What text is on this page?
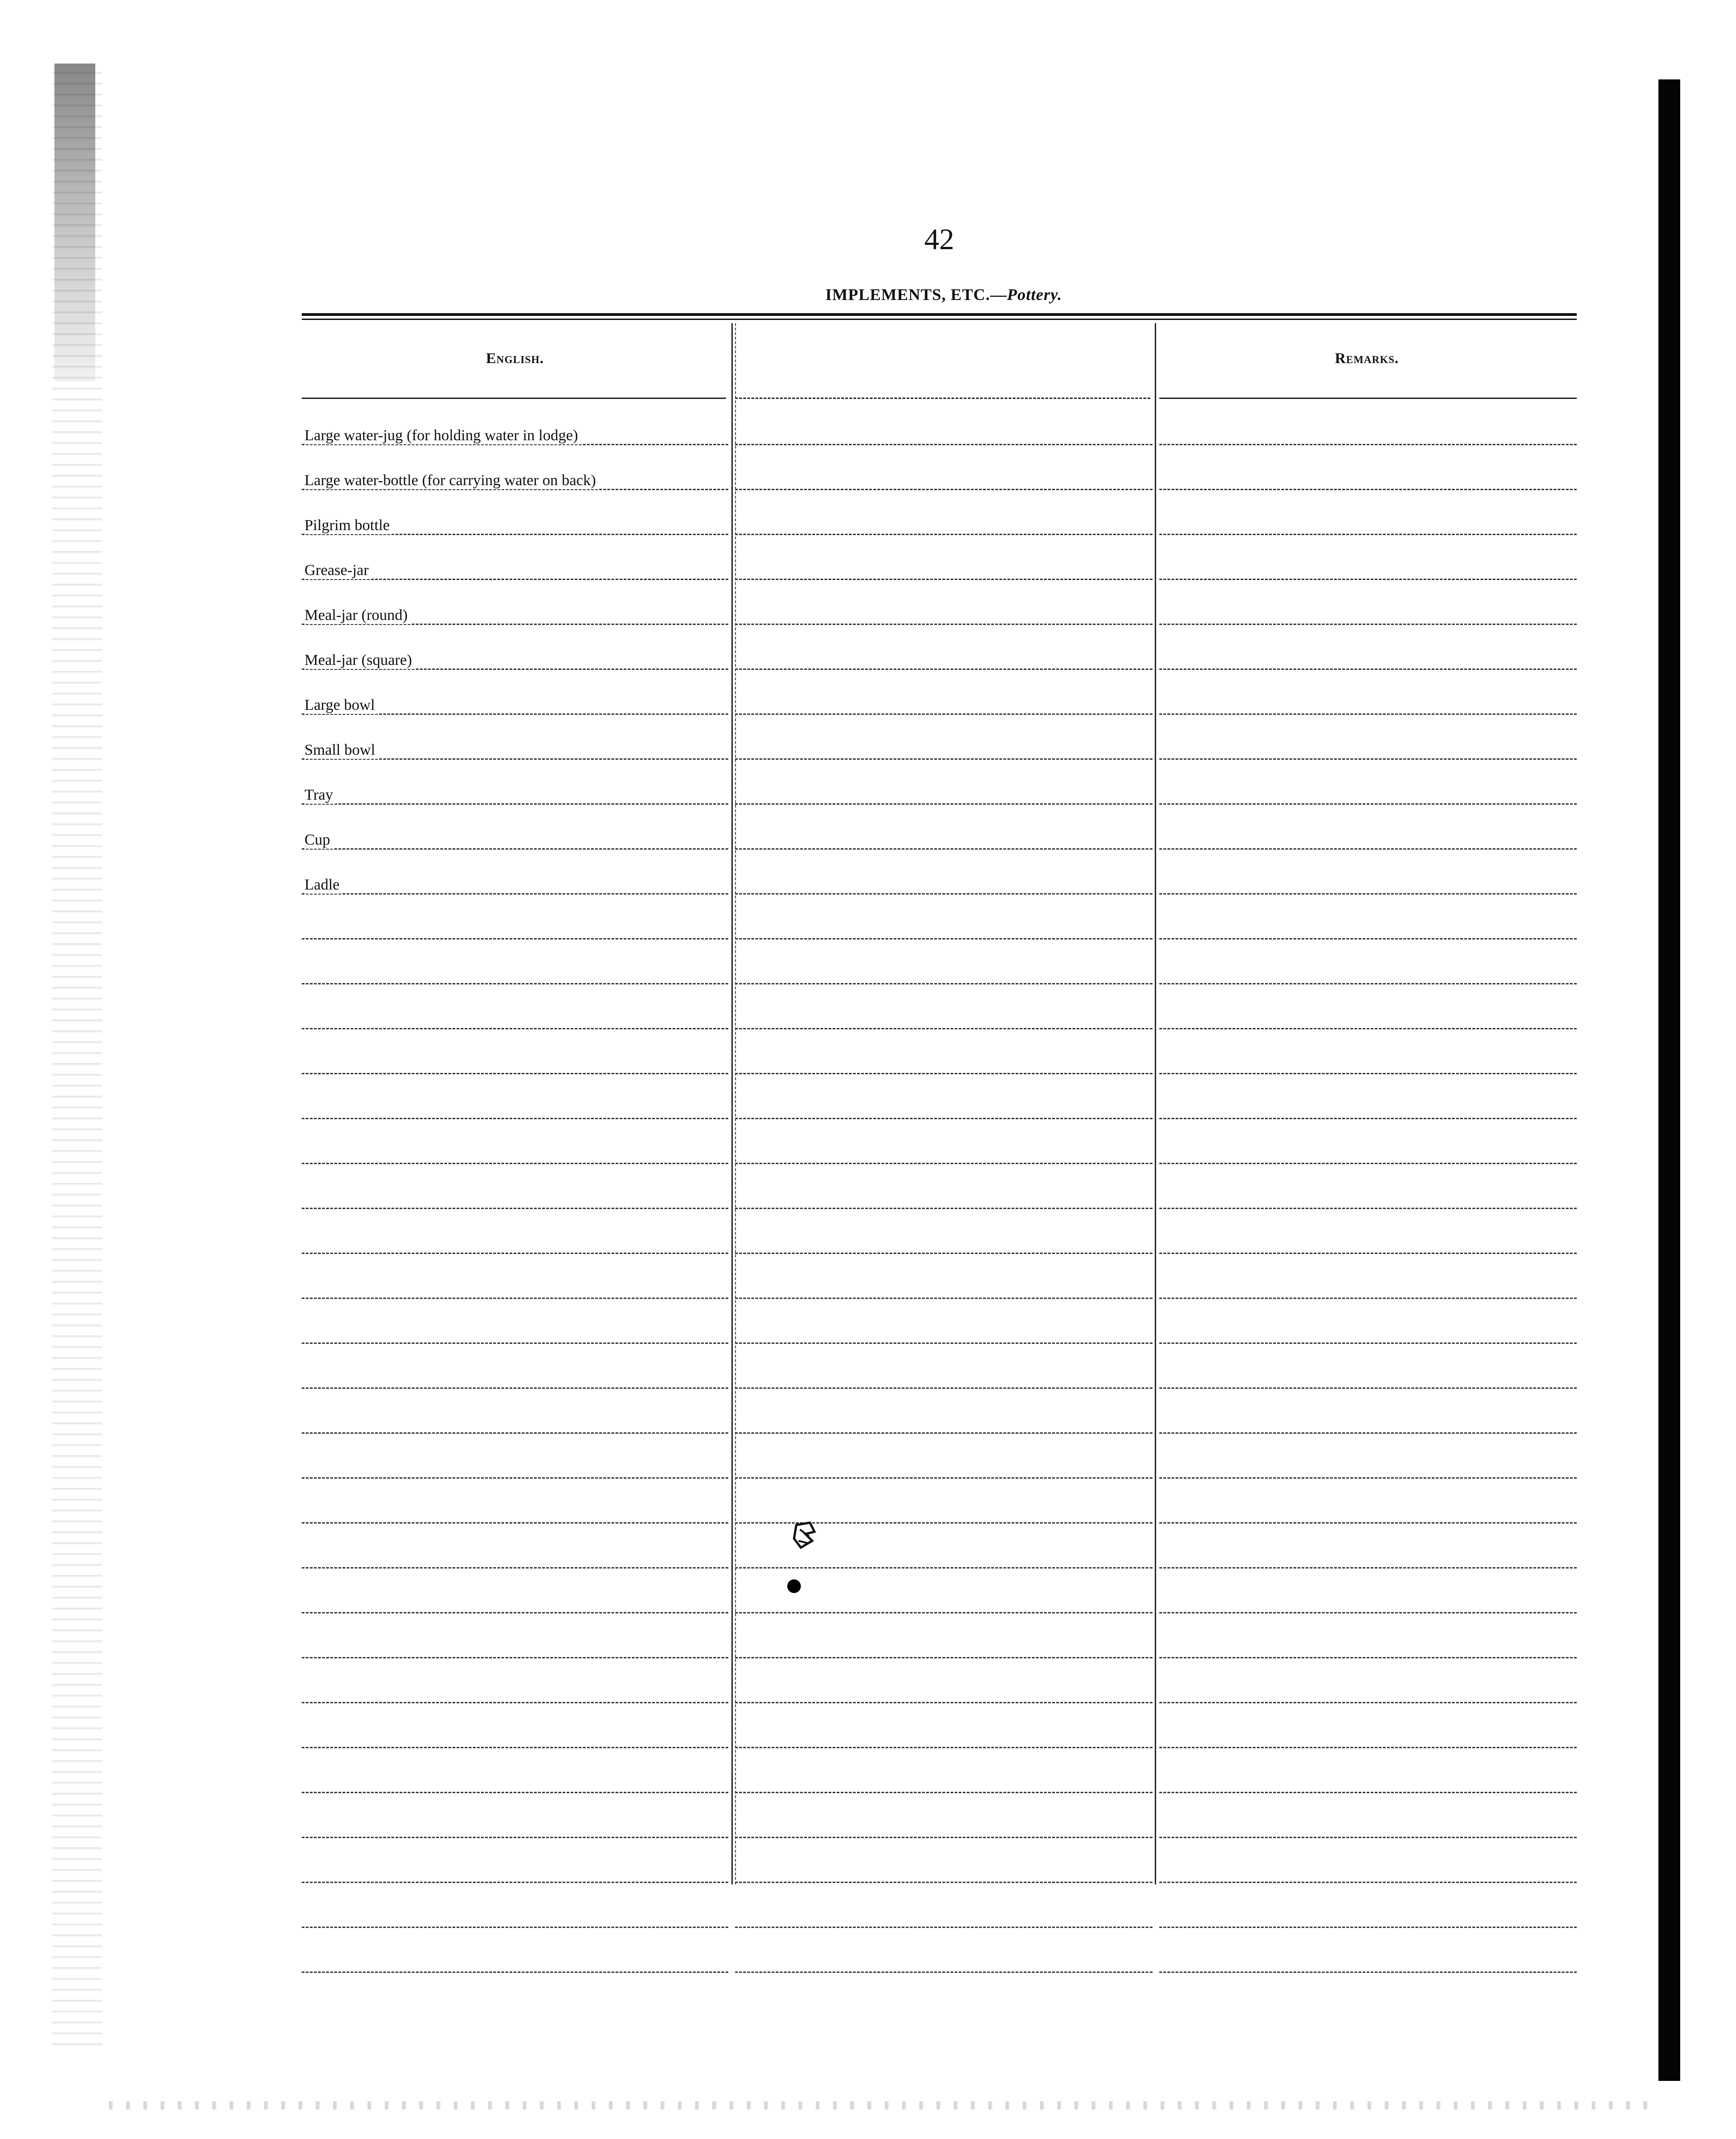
42
IMPLEMENTS, ETC.—Pottery.
English.	Remarks.
Large water-jug (for holding water in lodge)
Large water-bottle (for carrying water on back)
Pilgrim bottle
Grease-jar
Meal-jar (round)
Meal-jar (square)
Large bowl
Small bowl
Tray
Cup
Ladle
